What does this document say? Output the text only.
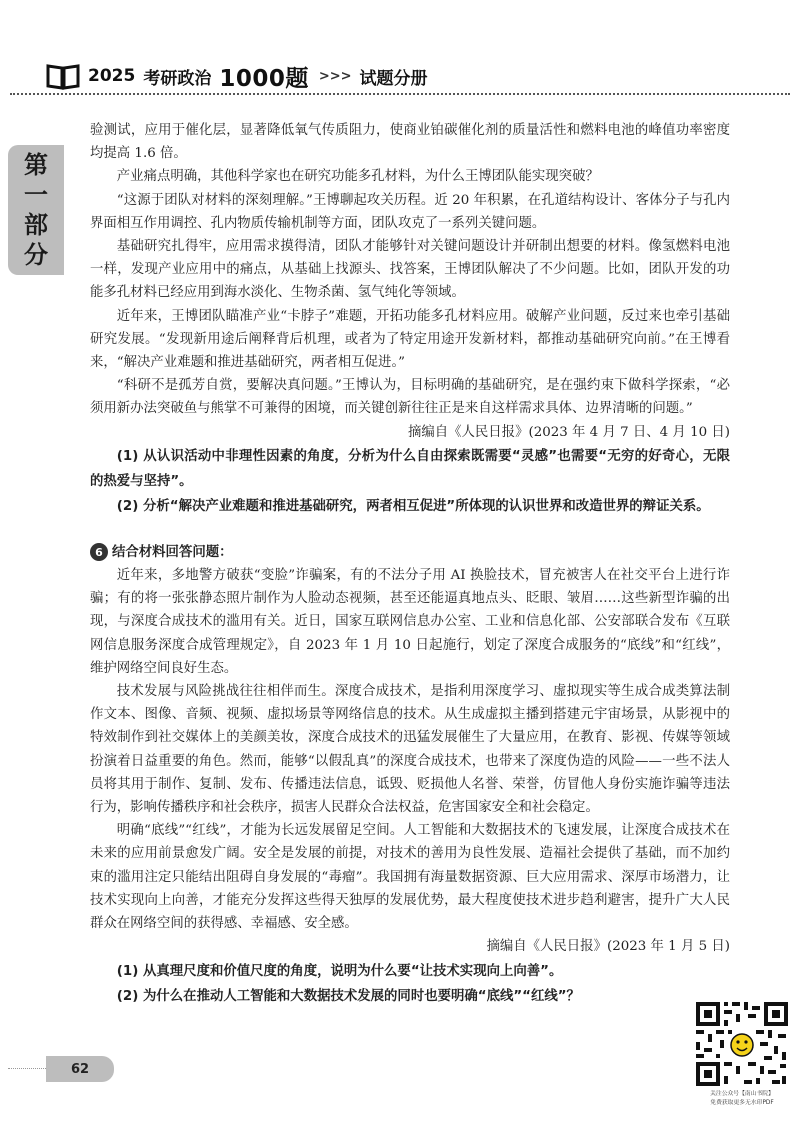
2025 考研政治 1000题 >>> 试题分册
第
一
部
分

验测试，应用于催化层，显著降低氧气传质阻力，使商业铂碳催化剂的质量活性和燃料电池的峰值功率密度均提高 1.6 倍。

产业痛点明确，其他科学家也在研究功能多孔材料，为什么王博团队能实现突破？

“这源于团队对材料的深刻理解。”王博聊起攻关历程。近 20 年积累，在孔道结构设计、客体分子与孔内界面相互作用调控、孔内物质传输机制等方面，团队攻克了一系列关键问题。

基础研究扎得牢，应用需求摸得清，团队才能够针对关键问题设计并研制出想要的材料。像氢燃料电池一样，发现产业应用中的痛点，从基础上找源头、找答案，王博团队解决了不少问题。比如，团队开发的功能多孔材料已经应用到海水淡化、生物杀菌、氢气纯化等领域。

近年来，王博团队瞄准产业“卡脖子”难题，开拓功能多孔材料应用。破解产业问题，反过来也牵引基础研究发展。“发现新用途后阐释背后机理，或者为了特定用途开发新材料，都推动基础研究向前。”在王博看来，“解决产业难题和推进基础研究，两者相互促进。”

“科研不是孤芳自赏，要解决真问题。”王博认为，目标明确的基础研究，是在强约束下做科学探索，“必须用新办法突破鱼与熊掌不可兼得的困境，而关键创新往往正是来自这样需求具体、边界清晰的问题。”

摘编自《人民日报》(2023 年 4 月 7 日、4 月 10 日)

(1) 从认识活动中非理性因素的角度，分析为什么自由探索既需要“灵感”也需要“无穷的好奇心，无限的热爱与坚持”。

(2) 分析“解决产业难题和推进基础研究，两者相互促进”所体现的认识世界和改造世界的辩证关系。

6 结合材料回答问题：

近年来，多地警方破获“变脸”诈骗案，有的不法分子用 AI 换脸技术，冒充被害人在社交平台上进行诈骗；有的将一张张静态照片制作为人脸动态视频，甚至还能逼真地点头、眨眼、皱眉……这些新型诈骗的出现，与深度合成技术的滥用有关。近日，国家互联网信息办公室、工业和信息化部、公安部联合发布《互联网信息服务深度合成管理规定》，自 2023 年 1 月 10 日起施行，划定了深度合成服务的“底线”和“红线”，维护网络空间良好生态。

技术发展与风险挑战往往相伴而生。深度合成技术，是指利用深度学习、虚拟现实等生成合成类算法制作文本、图像、音频、视频、虚拟场景等网络信息的技术。从生成虚拟主播到搭建元宇宙场景，从影视中的特效制作到社交媒体上的美颜美妆，深度合成技术的迅猛发展催生了大量应用，在教育、影视、传媒等领域扮演着日益重要的角色。然而，能够“以假乱真”的深度合成技术，也带来了深度伪造的风险——一些不法人员将其用于制作、复制、发布、传播违法信息，诋毁、贬损他人名誉、荣誉，仿冒他人身份实施诈骗等违法行为，影响传播秩序和社会秩序，损害人民群众合法权益，危害国家安全和社会稳定。

明确“底线”“红线”，才能为长远发展留足空间。人工智能和大数据技术的飞速发展，让深度合成技术在未来的应用前景愈发广阔。安全是发展的前提，对技术的善用为良性发展、造福社会提供了基础，而不加约束的滥用注定只能结出阻碍自身发展的“毒瘤”。我国拥有海量数据资源、巨大应用需求、深厚市场潜力，让技术实现向上向善，才能充分发挥这些得天独厚的发展优势，最大程度使技术进步趋利避害，提升广大人民群众在网络空间的获得感、幸福感、安全感。

摘编自《人民日报》(2023 年 1 月 5 日)

(1) 从真理尺度和价值尺度的角度，说明为什么要“让技术实现向上向善”。

(2) 为什么在推动人工智能和大数据技术发展的同时也要明确“底线”“红线”？

62
关注公众号【南山书院】
免费获取更多无水印PDF
